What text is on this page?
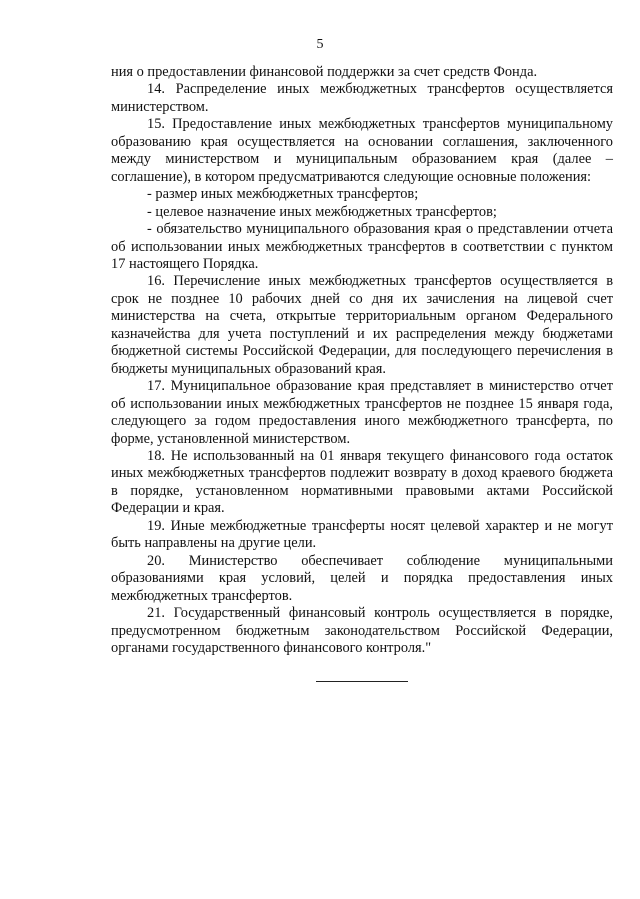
5

ния о предоставлении финансовой поддержки за счет средств Фонда.

14. Распределение иных межбюджетных трансфертов осуществляется министерством.

15. Предоставление иных межбюджетных трансфертов муниципальному образованию края осуществляется на основании соглашения, заключенного между министерством и муниципальным образованием края (далее – соглашение), в котором предусматриваются следующие основные положения:

- размер иных межбюджетных трансфертов;

- целевое назначение иных межбюджетных трансфертов;

- обязательство муниципального образования края о представлении отчета об использовании иных межбюджетных трансфертов в соответствии с пунктом 17 настоящего Порядка.

16. Перечисление иных межбюджетных трансфертов осуществляется в срок не позднее 10 рабочих дней со дня их зачисления на лицевой счет министерства на счета, открытые территориальным органом Федерального казначейства для учета поступлений и их распределения между бюджетами бюджетной системы Российской Федерации, для последующего перечисления в бюджеты муниципальных образований края.

17. Муниципальное образование края представляет в министерство отчет об использовании иных межбюджетных трансфертов не позднее 15 января года, следующего за годом предоставления иного межбюджетного трансферта, по форме, установленной министерством.

18. Не использованный на 01 января текущего финансового года остаток иных межбюджетных трансфертов подлежит возврату в доход краевого бюджета в порядке, установленном нормативными правовыми актами Российской Федерации и края.

19. Иные межбюджетные трансферты носят целевой характер и не могут быть направлены на другие цели.

20. Министерство обеспечивает соблюдение муниципальными образованиями края условий, целей и порядка предоставления иных межбюджетных трансфертов.

21. Государственный финансовый контроль осуществляется в порядке, предусмотренном бюджетным законодательством Российской Федерации, органами государственного финансового контроля."
